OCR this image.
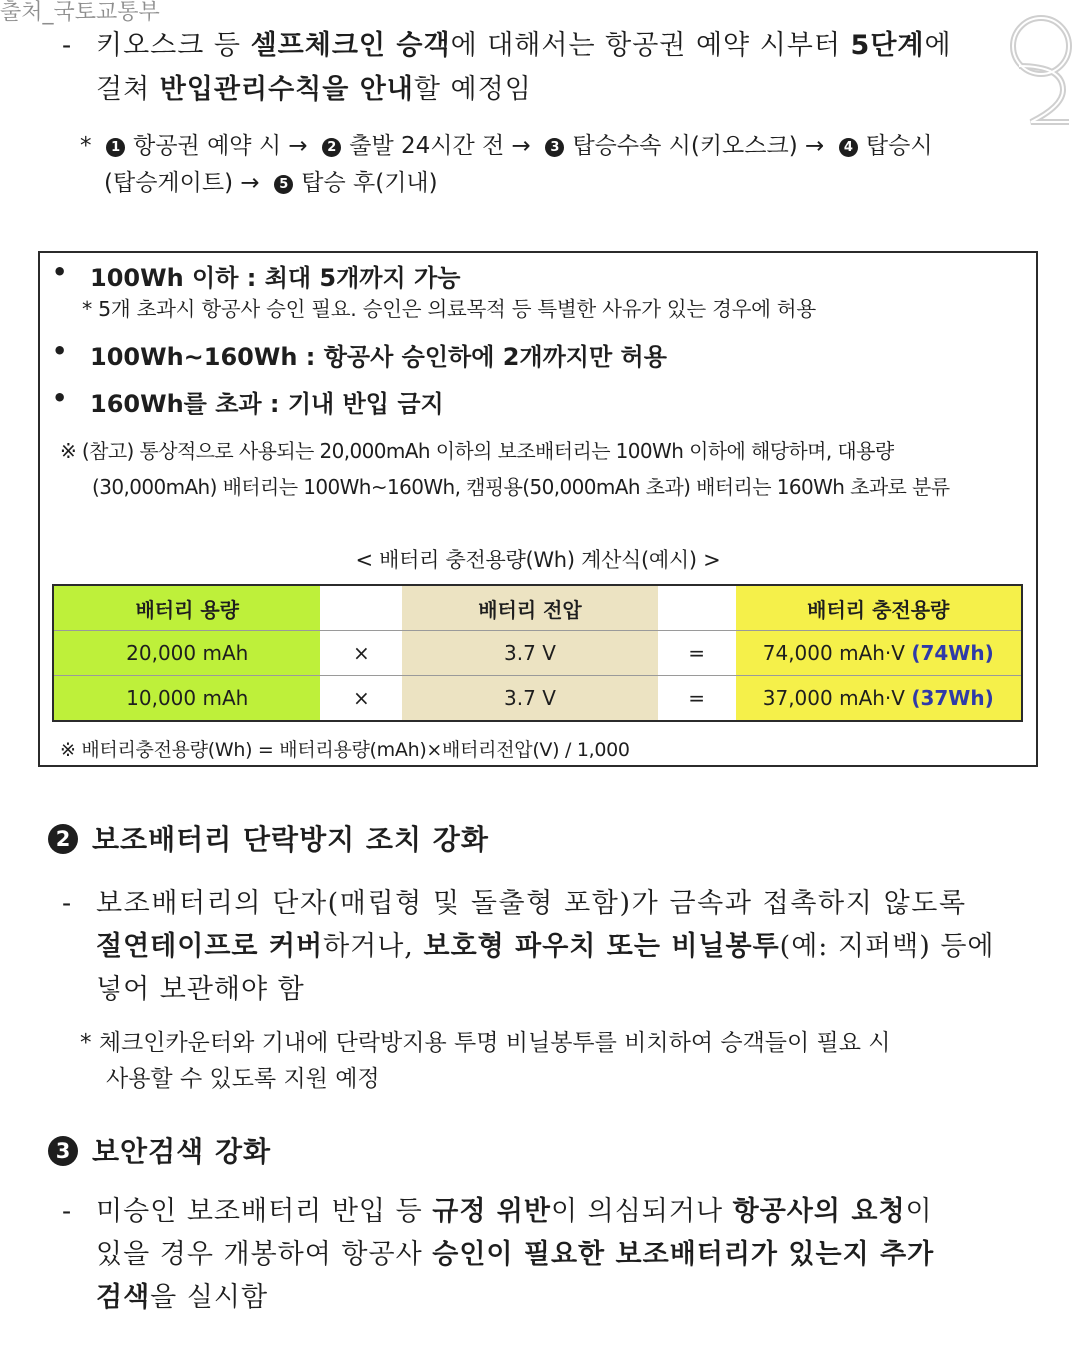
출처_국토교통부
- 키오스크 등 셀프체크인 승객에 대해서는 항공권 예약 시부터 5단계에
걸쳐 반입관리수칙을 안내할 예정임
* 1 항공권 예약 시 → 2 출발 24시간 전 → 3 탑승수속 시(키오스크) → 4 탑승시
(탑승게이트) → 5 탑승 후(기내)
• 100Wh 이하 : 최대 5개까지 가능
* 5개 초과시 항공사 승인 필요. 승인은 의료목적 등 특별한 사유가 있는 경우에 허용
• 100Wh~160Wh : 항공사 승인하에 2개까지만 허용
• 160Wh를 초과 : 기내 반입 금지
※ (참고) 통상적으로 사용되는 20,000mAh 이하의 보조배터리는 100Wh 이하에 해당하며, 대용량
(30,000mAh) 배터리는 100Wh~160Wh, 캠핑용(50,000mAh 초과) 배터리는 160Wh 초과로 분류
< 배터리 충전용량(Wh) 계산식(예시) >
배터리 용량		배터리 전압		배터리 충전용량
20,000 mAh	×	3.7 V	=	74,000 mAh·V (74Wh)
10,000 mAh	×	3.7 V	=	37,000 mAh·V (37Wh)
※ 배터리충전용량(Wh) = 배터리용량(mAh)×배터리전압(V) / 1,000
2 보조배터리 단락방지 조치 강화
- 보조배터리의 단자(매립형 및 돌출형 포함)가 금속과 접촉하지 않도록
절연테이프로 커버하거나, 보호형 파우치 또는 비닐봉투(예: 지퍼백) 등에
넣어 보관해야 함
* 체크인카운터와 기내에 단락방지용 투명 비닐봉투를 비치하여 승객들이 필요 시
사용할 수 있도록 지원 예정
3 보안검색 강화
- 미승인 보조배터리 반입 등 규정 위반이 의심되거나 항공사의 요청이
있을 경우 개봉하여 항공사 승인이 필요한 보조배터리가 있는지 추가
검색을 실시함
